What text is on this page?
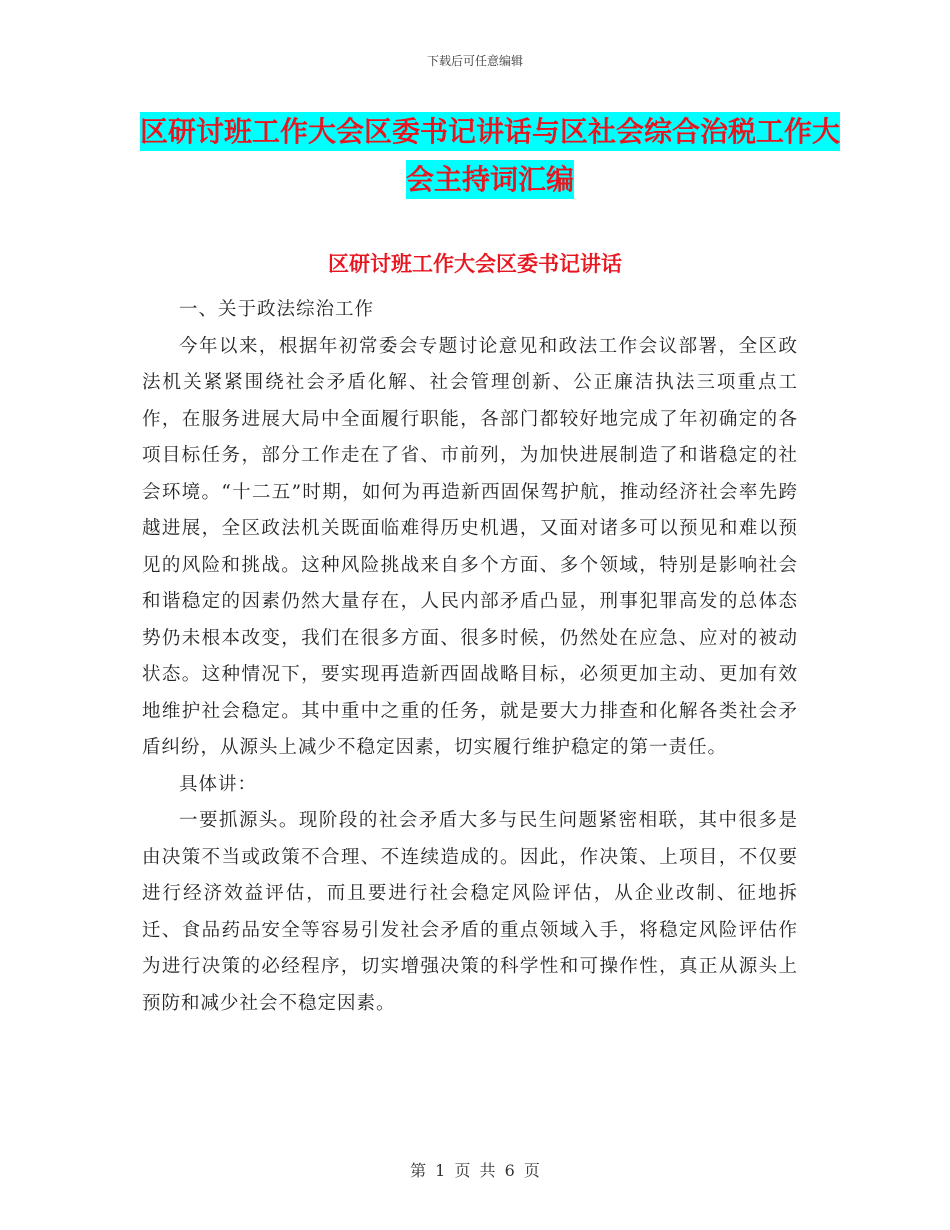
下载后可任意编辑
区研讨班工作大会区委书记讲话与区社会综合治税工作大会主持词汇编
区研讨班工作大会区委书记讲话

一、关于政法综治工作

今年以来，根据年初常委会专题讨论意见和政法工作会议部署，全区政法机关紧紧围绕社会矛盾化解、社会管理创新、公正廉洁执法三项重点工作，在服务进展大局中全面履行职能，各部门都较好地完成了年初确定的各项目标任务，部分工作走在了省、市前列，为加快进展制造了和谐稳定的社会环境。“十二五”时期，如何为再造新西固保驾护航，推动经济社会率先跨越进展，全区政法机关既面临难得历史机遇，又面对诸多可以预见和难以预见的风险和挑战。这种风险挑战来自多个方面、多个领域，特别是影响社会和谐稳定的因素仍然大量存在，人民内部矛盾凸显，刑事犯罪高发的总体态势仍未根本改变，我们在很多方面、很多时候，仍然处在应急、应对的被动状态。这种情况下，要实现再造新西固战略目标，必须更加主动、更加有效地维护社会稳定。其中重中之重的任务，就是要大力排查和化解各类社会矛盾纠纷，从源头上减少不稳定因素，切实履行维护稳定的第一责任。

具体讲：

一要抓源头。现阶段的社会矛盾大多与民生问题紧密相联，其中很多是由决策不当或政策不合理、不连续造成的。因此，作决策、上项目，不仅要进行经济效益评估，而且要进行社会稳定风险评估，从企业改制、征地拆迁、食品药品安全等容易引发社会矛盾的重点领域入手，将稳定风险评估作为进行决策的必经程序，切实增强决策的科学性和可操作性，真正从源头上预防和减少社会不稳定因素。

第 1 页 共 6 页
